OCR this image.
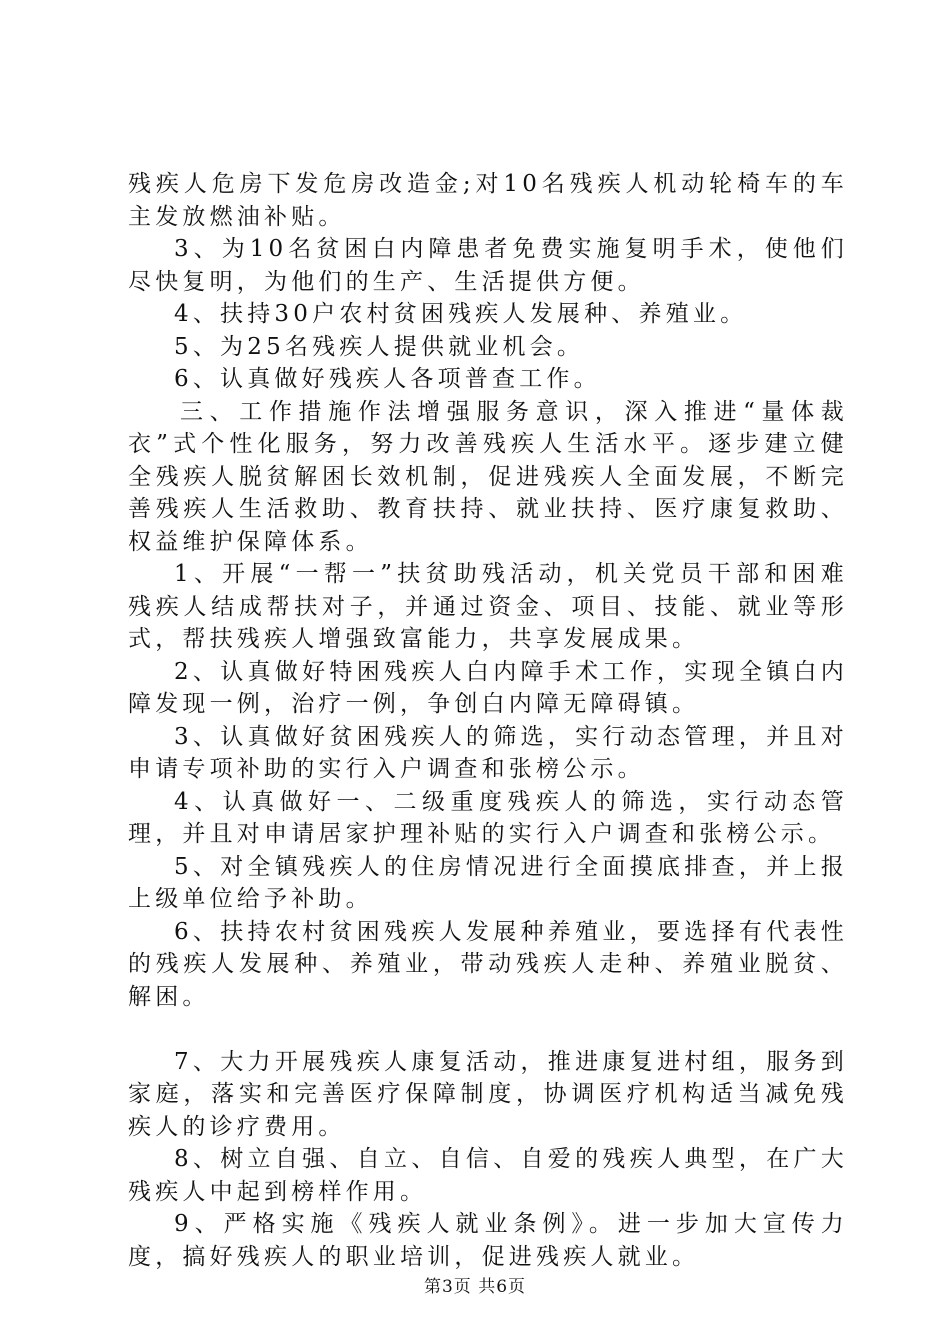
残疾人危房下发危房改造金;对10名残疾人机动轮椅车的车主发放燃油补贴。

3、为10名贫困白内障患者免费实施复明手术，使他们尽快复明，为他们的生产、生活提供方便。

4、扶持30户农村贫困残疾人发展种、养殖业。

5、为25名残疾人提供就业机会。

6、认真做好残疾人各项普查工作。

三、工作措施作法增强服务意识，深入推进“量体裁衣”式个性化服务，努力改善残疾人生活水平。逐步建立健全残疾人脱贫解困长效机制，促进残疾人全面发展，不断完善残疾人生活救助、教育扶持、就业扶持、医疗康复救助、权益维护保障体系。

1、开展“一帮一”扶贫助残活动，机关党员干部和困难残疾人结成帮扶对子，并通过资金、项目、技能、就业等形式，帮扶残疾人增强致富能力，共享发展成果。

2、认真做好特困残疾人白内障手术工作，实现全镇白内障发现一例，治疗一例，争创白内障无障碍镇。

3、认真做好贫困残疾人的筛选，实行动态管理，并且对申请专项补助的实行入户调查和张榜公示。

4、认真做好一、二级重度残疾人的筛选，实行动态管理，并且对申请居家护理补贴的实行入户调查和张榜公示。

5、对全镇残疾人的住房情况进行全面摸底排查，并上报上级单位给予补助。

6、扶持农村贫困残疾人发展种养殖业，要选择有代表性的残疾人发展种、养殖业，带动残疾人走种、养殖业脱贫、解困。

7、大力开展残疾人康复活动，推进康复进村组，服务到家庭，落实和完善医疗保障制度，协调医疗机构适当减免残疾人的诊疗费用。

8、树立自强、自立、自信、自爱的残疾人典型，在广大残疾人中起到榜样作用。

9、严格实施《残疾人就业条例》。进一步加大宣传力度，搞好残疾人的职业培训，促进残疾人就业。

第3页 共6页
